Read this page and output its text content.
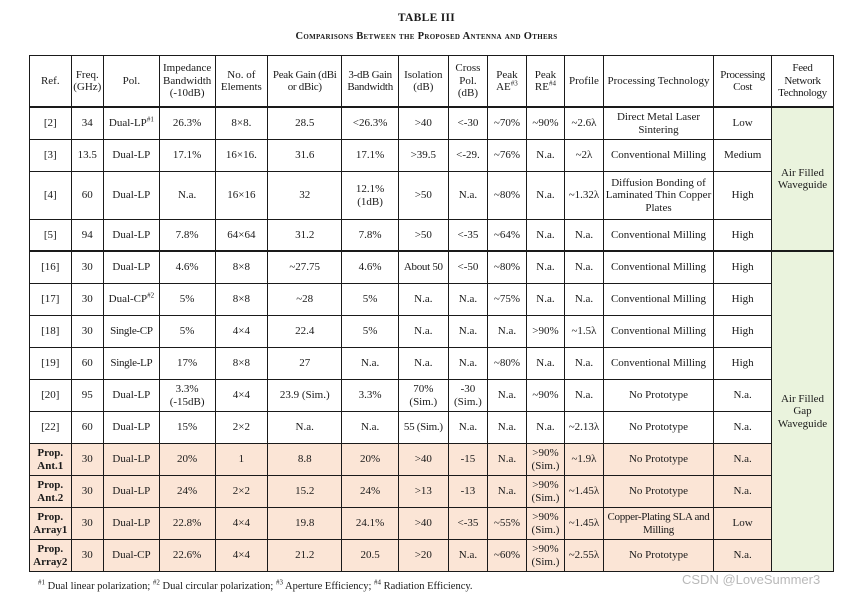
TABLE III
Comparisons Between the Proposed Antenna and Others
Ref.	Freq. (GHz)	Pol.	Impedance Bandwidth (-10dB)	No. of Elements	Peak Gain (dBi or dBic)	3-dB Gain Bandwidth	Isolation (dB)	Cross Pol. (dB)	Peak AE$^{\#3}$	Peak RE$^{\#4}$	Profile	Processing Technology	Processing Cost	Feed Network Technology
[2]	34	Dual-LP$^{\#1}$	26.3%	8×8.	28.5	<26.3%	>40	<-30	~70%	~90%	~2.6λ	Direct Metal Laser Sintering	Low	Air Filled Waveguide
[3]	13.5	Dual-LP	17.1%	16×16.	31.6	17.1%	>39.5	<-29.	~76%	N.a.	~2λ	Conventional Milling	Medium	
[4]	60	Dual-LP	N.a.	16×16	32	12.1% (1dB)	>50	N.a.	~80%	N.a.	~1.32λ	Diffusion Bonding of Laminated Thin Copper Plates	High	
[5]	94	Dual-LP	7.8%	64×64	31.2	7.8%	>50	<-35	~64%	N.a.	N.a.	Conventional Milling	High	
[16]	30	Dual-LP	4.6%	8×8	~27.75	4.6%	About 50	<-50	~80%	N.a.	N.a.	Conventional Milling	High	Air Filled Gap Waveguide
[17]	30	Dual-CP$^{\#2}$	5%	8×8	~28	5%	N.a.	N.a.	~75%	N.a.	N.a.	Conventional Milling	High	
[18]	30	Single-CP	5%	4×4	22.4	5%	N.a.	N.a.	N.a.	>90%	~1.5λ	Conventional Milling	High	
[19]	60	Single-LP	17%	8×8	27	N.a.	N.a.	N.a.	~80%	N.a.	N.a.	Conventional Milling	High	
[20]	95	Dual-LP	3.3% (-15dB)	4×4	23.9 (Sim.)	3.3%	70% (Sim.)	-30 (Sim.)	N.a.	~90%	N.a.	No Prototype	N.a.	
[22]	60	Dual-LP	15%	2×2	N.a.	N.a.	55 (Sim.)	N.a.	N.a.	N.a.	~2.13λ	No Prototype	N.a.	
Prop. Ant.1	30	Dual-LP	20%	1	8.8	20%	>40	-15	N.a.	>90% (Sim.)	~1.9λ	No Prototype	N.a.	
Prop. Ant.2	30	Dual-LP	24%	2×2	15.2	24%	>13	-13	N.a.	>90% (Sim.)	~1.45λ	No Prototype	N.a.	
Prop. Array1	30	Dual-LP	22.8%	4×4	19.8	24.1%	>40	<-35	~55%	>90% (Sim.)	~1.45λ	Copper-Plating SLA and Milling	Low	
Prop. Array2	30	Dual-CP	22.6%	4×4	21.2	20.5	>20	N.a.	~60%	>90% (Sim.)	~2.55λ	No Prototype	N.a.	
$^{\#1}$ Dual linear polarization; $^{\#2}$ Dual circular polarization; $^{\#3}$ Aperture Efficiency; $^{\#4}$ Radiation Efficiency.	CSDN @LoveSummer3
